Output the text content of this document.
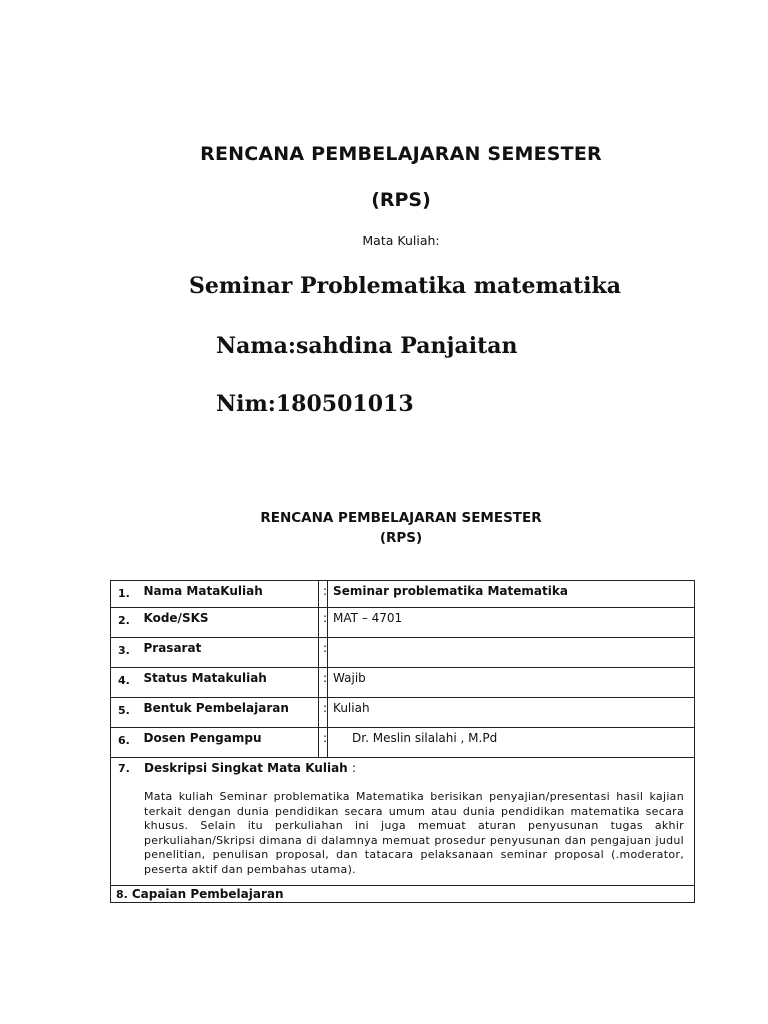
RENCANA PEMBELAJARAN SEMESTER
(RPS)
Mata Kuliah:
Seminar Problematika matematika
Nama:sahdina Panjaitan
Nim:180501013
RENCANA PEMBELAJARAN SEMESTER
(RPS)
1.	Nama MataKuliah	:	Seminar problematika Matematika
2.	Kode/SKS	:	MAT – 4701
3.	Prasarat	:	
4.	Status Matakuliah	:	Wajib
5.	Bentuk Pembelajaran	:	Kuliah
6.	Dosen Pengampu	:	Dr. Meslin silalahi , M.Pd

7. Deskripsi Singkat Mata Kuliah :
Mata kuliah Seminar problematika Matematika berisikan penyajian/presentasi hasil kajian terkait dengan dunia pendidikan secara umum atau dunia pendidikan matematika secara khusus. Selain itu perkuliahan ini juga memuat aturan penyusunan tugas akhir perkuliahan/Skripsi dimana di dalamnya memuat prosedur penyusunan dan pengajuan judul penelitian, penulisan proposal, dan tatacara pelaksanaan seminar proposal (.moderator, peserta aktif dan pembahas utama).			

8. Capaian Pembelajaran			
